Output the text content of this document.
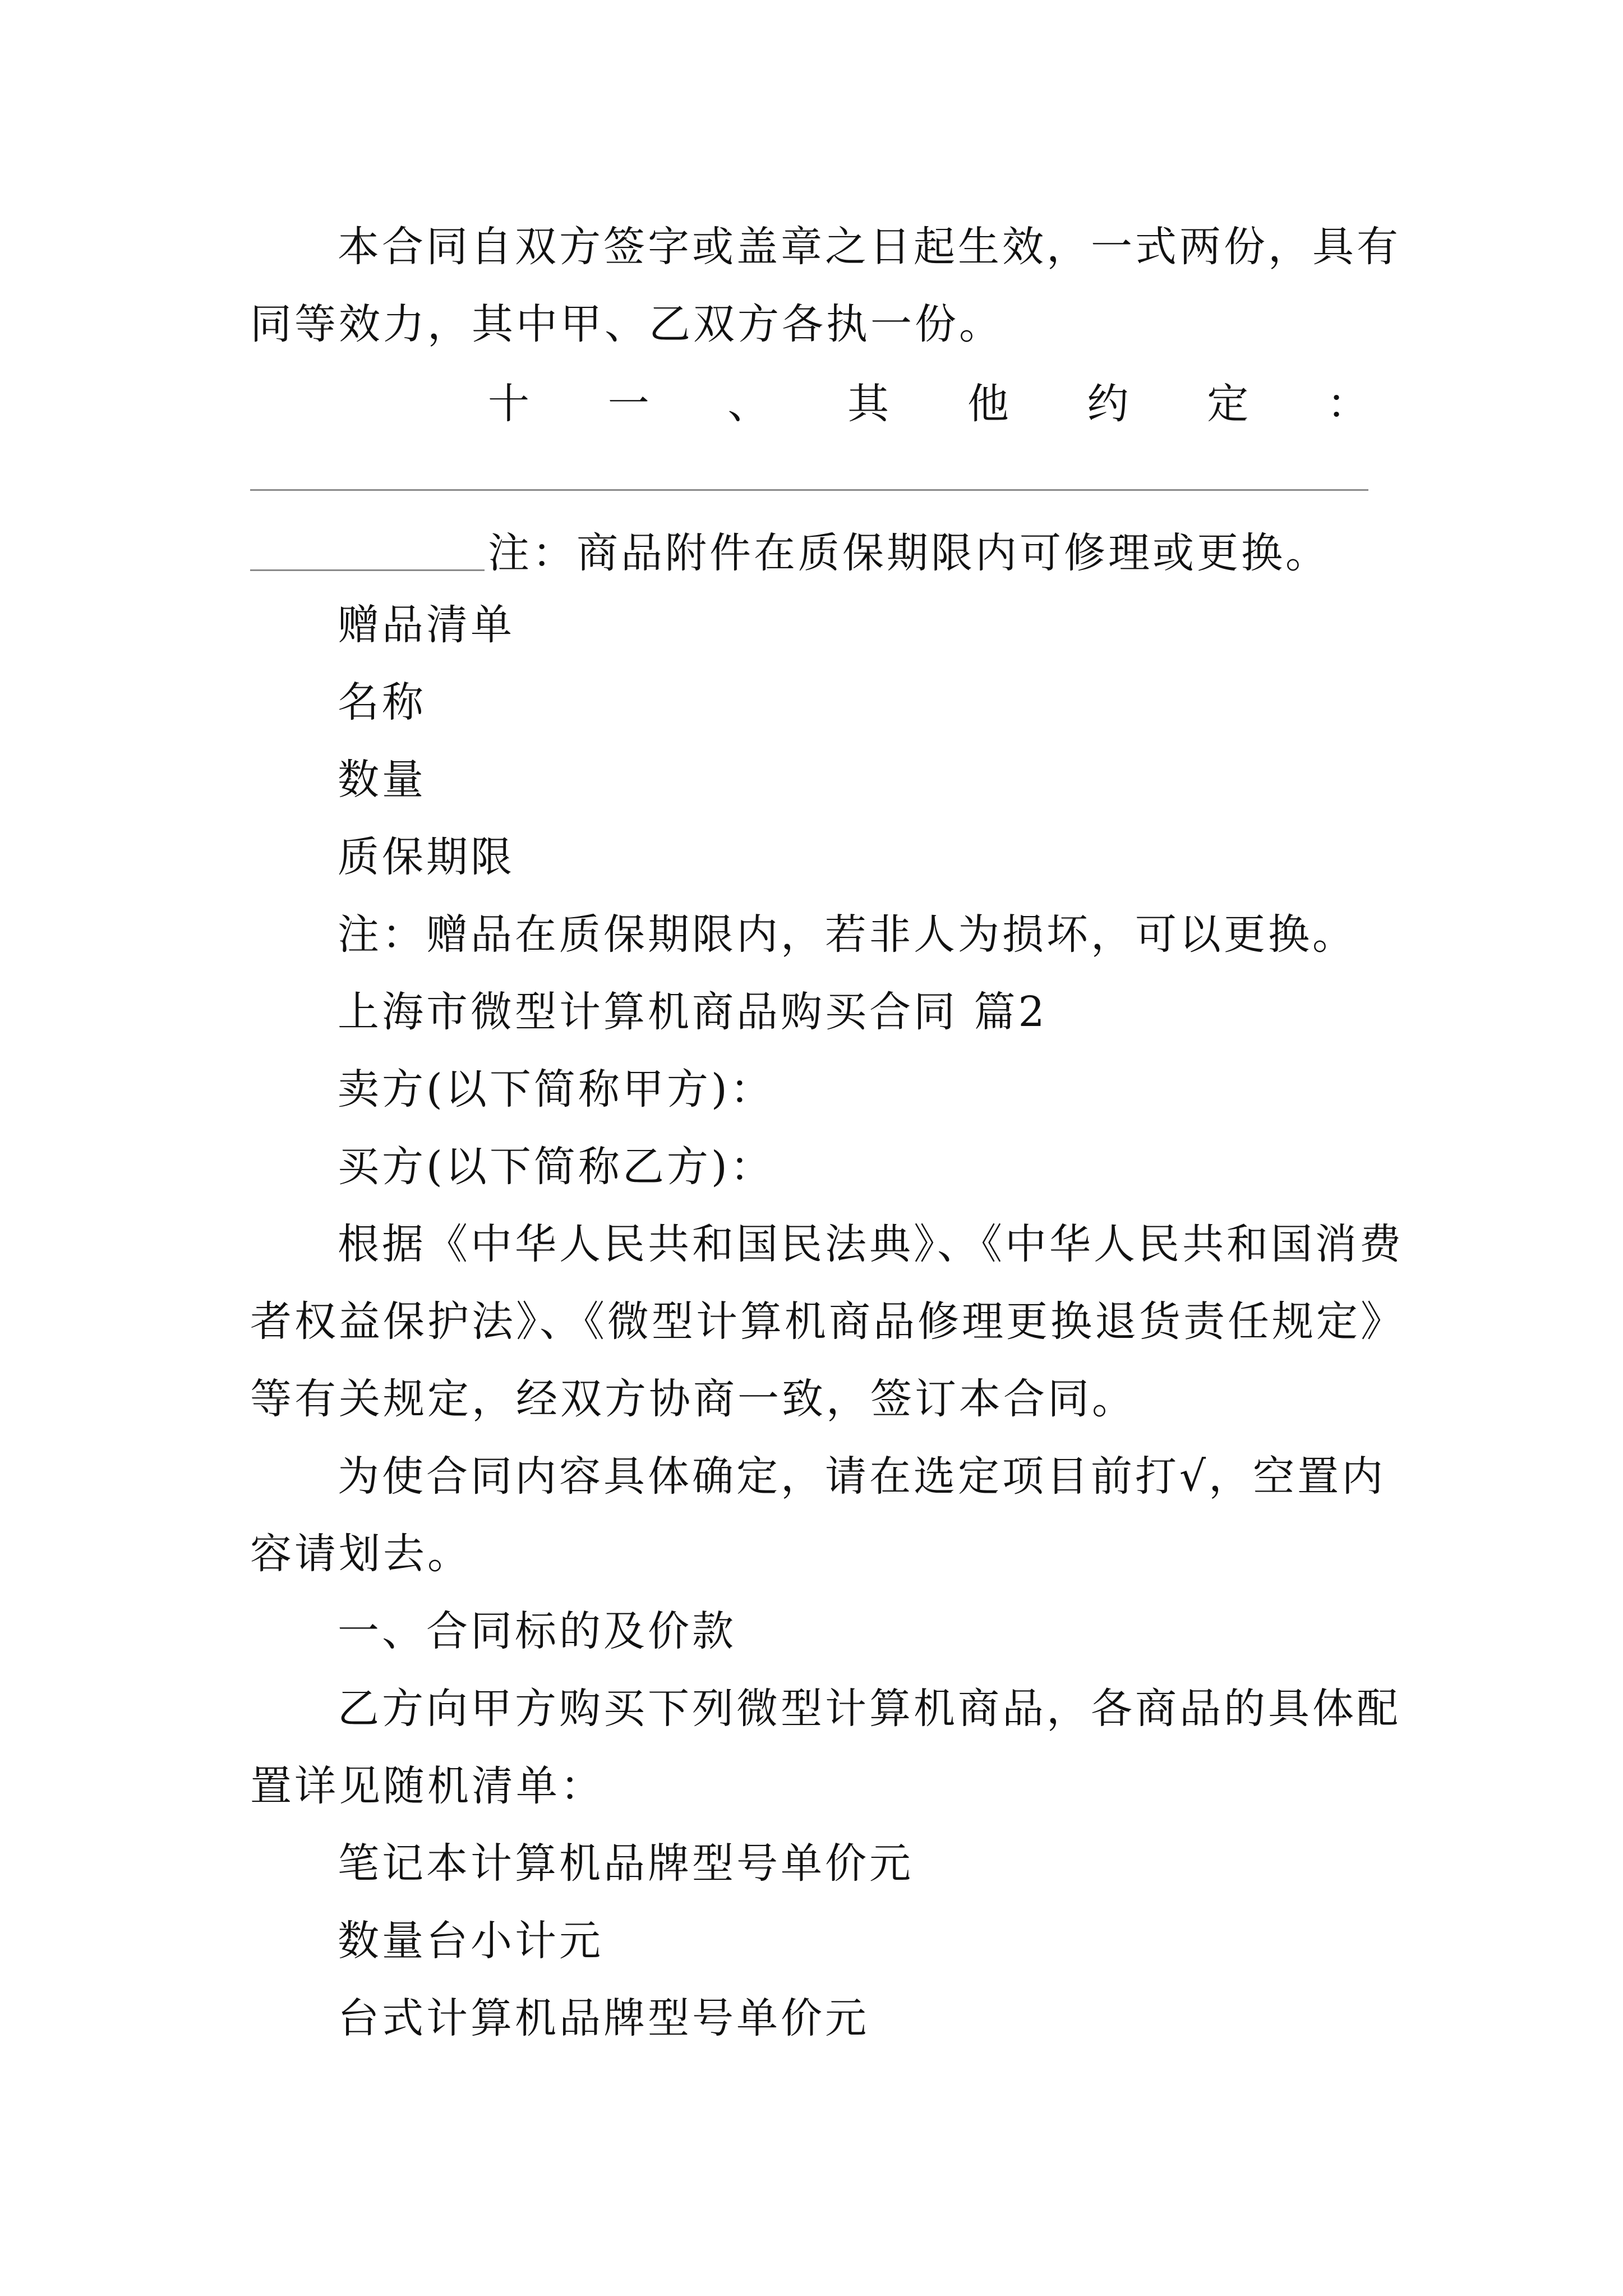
本合同自双方签字或盖章之日起生效，一式两份，具有
同等效力，其中甲、乙双方各执一份。
十 一 、 其 他 约 定 ：
注：商品附件在质保期限内可修理或更换。
赠品清单
名称
数量
质保期限
注：赠品在质保期限内，若非人为损坏，可以更换。
上海市微型计算机商品购买合同 篇2
卖方(以下简称甲方)：
买方(以下简称乙方)：
根据《中华人民共和国民法典》、《中华人民共和国消费
者权益保护法》、《微型计算机商品修理更换退货责任规定》
等有关规定，经双方协商一致，签订本合同。
为使合同内容具体确定，请在选定项目前打√，空置内
容请划去。
一、合同标的及价款
乙方向甲方购买下列微型计算机商品，各商品的具体配
置详见随机清单：
笔记本计算机品牌型号单价元
数量台小计元
台式计算机品牌型号单价元
